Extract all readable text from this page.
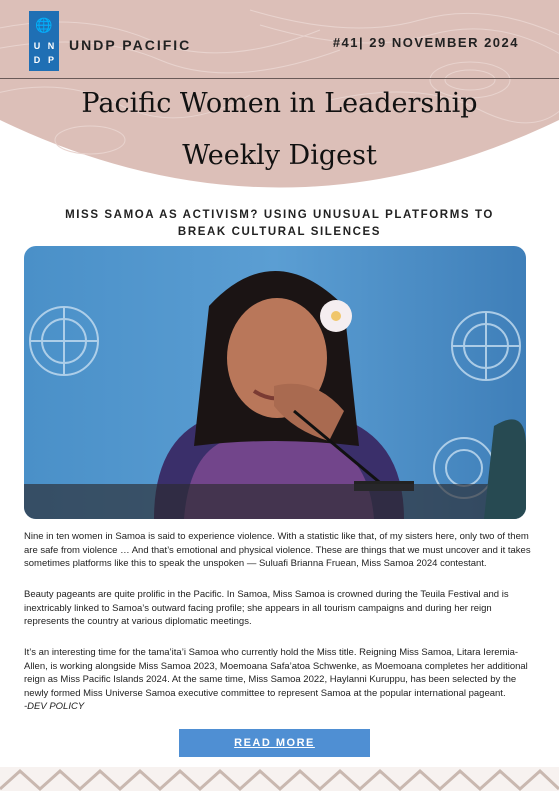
🌐
U N
D P
UNDP PACIFIC	#41| 29 NOVEMBER 2024
Pacific Women in Leadership
Weekly Digest
MISS SAMOA AS ACTIVISM? USING UNUSUAL PLATFORMS TO BREAK CULTURAL SILENCES
Nine in ten women in Samoa is said to experience violence. With a statistic like that, of my sisters here, only two of them are safe from violence … And that’s emotional and physical violence. These are things that we must uncover and it takes sometimes platforms like this to speak the unspoken — Suluafi Brianna Fruean, Miss Samoa 2024 contestant.
Beauty pageants are quite prolific in the Pacific. In Samoa, Miss Samoa is crowned during the Teuila Festival and is inextricably linked to Samoa’s outward facing profile; she appears in all tourism campaigns and during her reign represents the country at various diplomatic meetings.
It’s an interesting time for the tama’ita’i Samoa who currently hold the Miss title. Reigning Miss Samoa, Litara Ieremia-Allen, is working alongside Miss Samoa 2023, Moemoana Safa’atoa Schwenke, as Moemoana completes her additional reign as Miss Pacific Islands 2024. At the same time, Miss Samoa 2022, Haylanni Kuruppu, has been selected by the newly formed Miss Universe Samoa executive committee to represent Samoa at the popular international pageant.
-DEV POLICY
READ MORE
